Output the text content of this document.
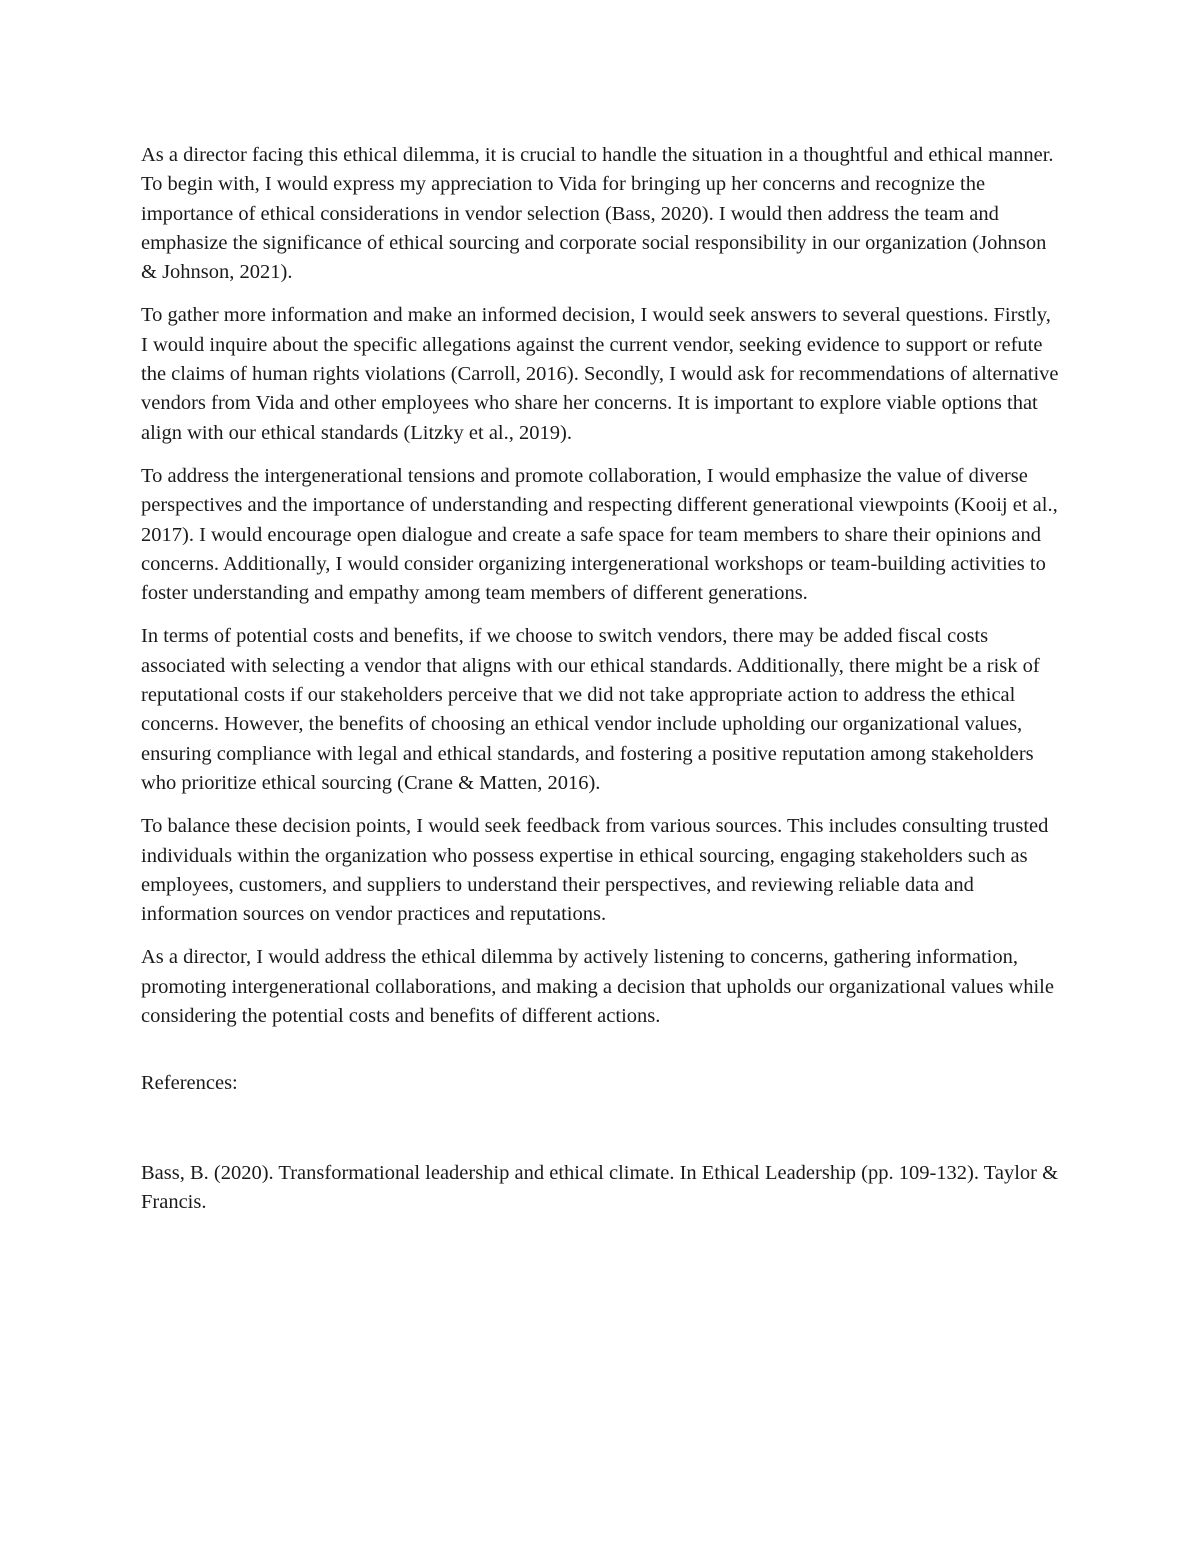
As a director facing this ethical dilemma, it is crucial to handle the situation in a thoughtful and ethical manner. To begin with, I would express my appreciation to Vida for bringing up her concerns and recognize the importance of ethical considerations in vendor selection (Bass, 2020). I would then address the team and emphasize the significance of ethical sourcing and corporate social responsibility in our organization (Johnson & Johnson, 2021).

To gather more information and make an informed decision, I would seek answers to several questions. Firstly, I would inquire about the specific allegations against the current vendor, seeking evidence to support or refute the claims of human rights violations (Carroll, 2016). Secondly, I would ask for recommendations of alternative vendors from Vida and other employees who share her concerns. It is important to explore viable options that align with our ethical standards (Litzky et al., 2019).

To address the intergenerational tensions and promote collaboration, I would emphasize the value of diverse perspectives and the importance of understanding and respecting different generational viewpoints (Kooij et al., 2017). I would encourage open dialogue and create a safe space for team members to share their opinions and concerns. Additionally, I would consider organizing intergenerational workshops or team-building activities to foster understanding and empathy among team members of different generations.

In terms of potential costs and benefits, if we choose to switch vendors, there may be added fiscal costs associated with selecting a vendor that aligns with our ethical standards. Additionally, there might be a risk of reputational costs if our stakeholders perceive that we did not take appropriate action to address the ethical concerns. However, the benefits of choosing an ethical vendor include upholding our organizational values, ensuring compliance with legal and ethical standards, and fostering a positive reputation among stakeholders who prioritize ethical sourcing (Crane & Matten, 2016).

To balance these decision points, I would seek feedback from various sources. This includes consulting trusted individuals within the organization who possess expertise in ethical sourcing, engaging stakeholders such as employees, customers, and suppliers to understand their perspectives, and reviewing reliable data and information sources on vendor practices and reputations.

As a director, I would address the ethical dilemma by actively listening to concerns, gathering information, promoting intergenerational collaborations, and making a decision that upholds our organizational values while considering the potential costs and benefits of different actions.

References:

Bass, B. (2020). Transformational leadership and ethical climate. In Ethical Leadership (pp. 109-132). Taylor & Francis.
